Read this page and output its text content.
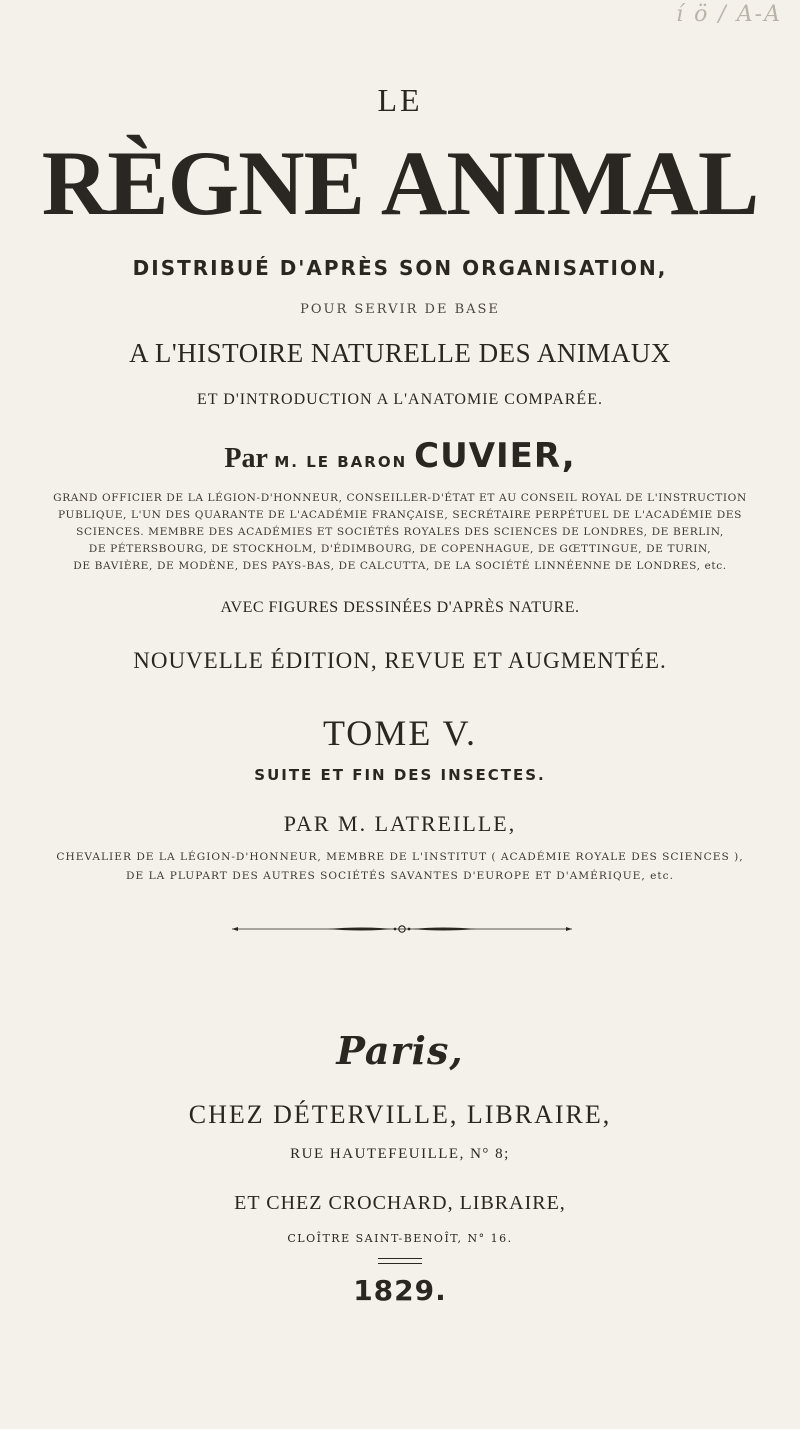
í ö / A-A
LE
RÈGNE ANIMAL
DISTRIBUÉ D'APRÈS SON ORGANISATION,
POUR SERVIR DE BASE
A L'HISTOIRE NATURELLE DES ANIMAUX
ET D'INTRODUCTION A L'ANATOMIE COMPARÉE.
Par M. LE BARON CUVIER,
GRAND OFFICIER DE LA LÉGION-D'HONNEUR, CONSEILLER-D'ÉTAT ET AU CONSEIL ROYAL DE L'INSTRUCTION
PUBLIQUE, L'UN DES QUARANTE DE L'ACADÉMIE FRANÇAISE, SECRÉTAIRE PERPÉTUEL DE L'ACADÉMIE DES
SCIENCES. MEMBRE DES ACADÉMIES ET SOCIÉTÉS ROYALES DES SCIENCES DE LONDRES, DE BERLIN,
DE PÉTERSBOURG, DE STOCKHOLM, D'ÉDIMBOURG, DE COPENHAGUE, DE GŒTTINGUE, DE TURIN,
DE BAVIÈRE, DE MODÈNE, DES PAYS-BAS, DE CALCUTTA, DE LA SOCIÉTÉ LINNÉENNE DE LONDRES, etc.
AVEC FIGURES DESSINÉES D'APRÈS NATURE.
NOUVELLE ÉDITION, REVUE ET AUGMENTÉE.
TOME V.
SUITE ET FIN DES INSECTES.
PAR M. LATREILLE,
CHEVALIER DE LA LÉGION-D'HONNEUR, MEMBRE DE L'INSTITUT ( ACADÉMIE ROYALE DES SCIENCES ),
DE LA PLUPART DES AUTRES SOCIÉTÉS SAVANTES D'EUROPE ET D'AMÉRIQUE, etc.
Paris,
CHEZ DÉTERVILLE, LIBRAIRE,
RUE HAUTEFEUILLE, N° 8;
ET CHEZ CROCHARD, LIBRAIRE,
CLOÎTRE SAINT-BENOÎT, N° 16.
1829.
